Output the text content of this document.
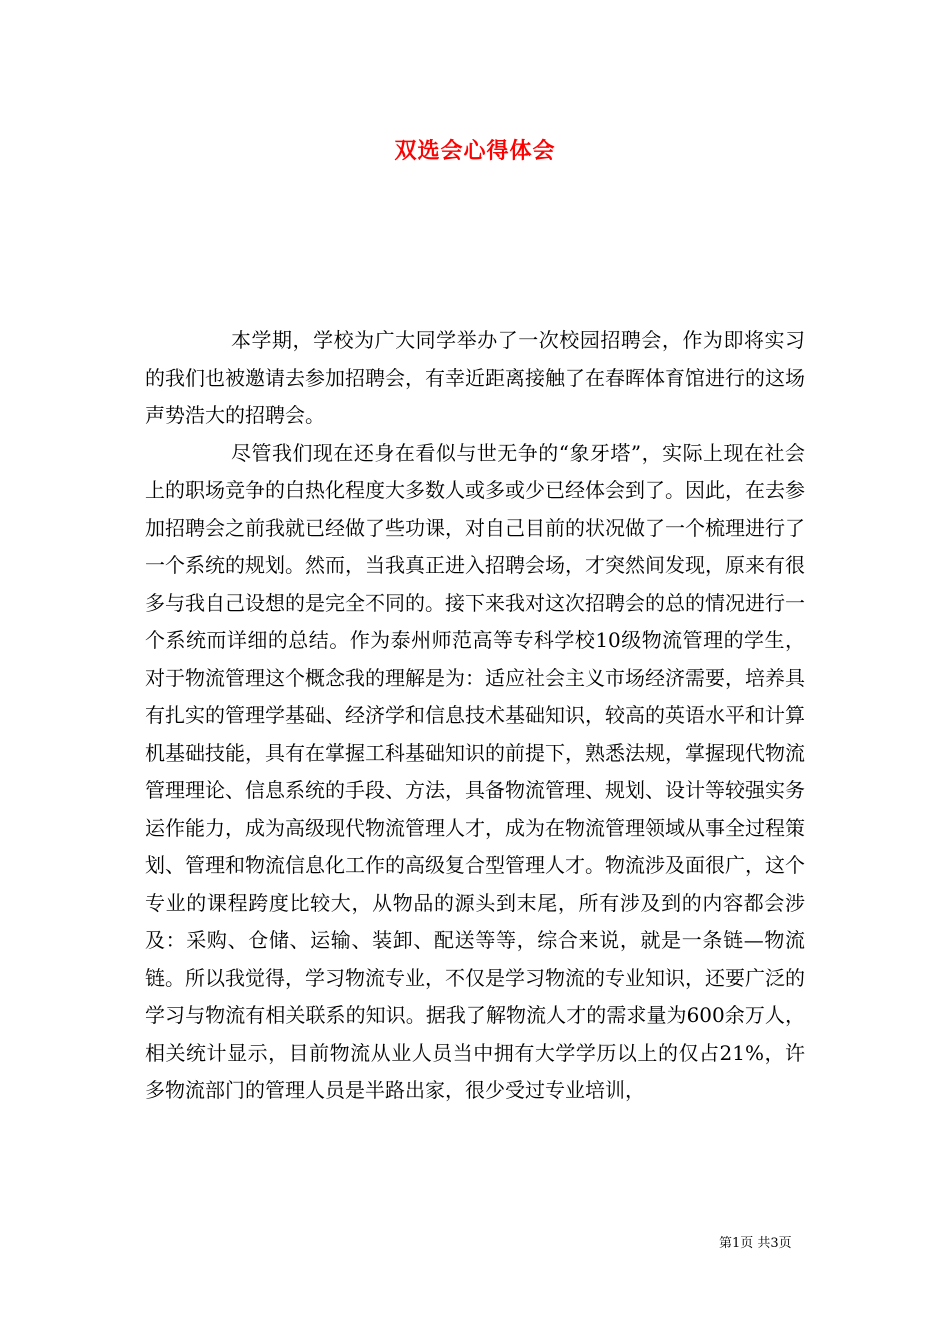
双选会心得体会

本学期，学校为广大同学举办了一次校园招聘会，作为即将实习的我们也被邀请去参加招聘会，有幸近距离接触了在春晖体育馆进行的这场声势浩大的招聘会。

尽管我们现在还身在看似与世无争的“象牙塔”，实际上现在社会上的职场竞争的白热化程度大多数人或多或少已经体会到了。因此，在去参加招聘会之前我就已经做了些功课，对自己目前的状况做了一个梳理进行了一个系统的规划。然而，当我真正进入招聘会场，才突然间发现，原来有很多与我自己设想的是完全不同的。接下来我对这次招聘会的总的情况进行一个系统而详细的总结。作为泰州师范高等专科学校10级物流管理的学生，对于物流管理这个概念我的理解是为：适应社会主义市场经济需要，培养具有扎实的管理学基础、经济学和信息技术基础知识，较高的英语水平和计算机基础技能，具有在掌握工科基础知识的前提下，熟悉法规，掌握现代物流管理理论、信息系统的手段、方法，具备物流管理、规划、设计等较强实务运作能力，成为高级现代物流管理人才，成为在物流管理领域从事全过程策划、管理和物流信息化工作的高级复合型管理人才。物流涉及面很广，这个专业的课程跨度比较大，从物品的源头到末尾，所有涉及到的内容都会涉及：采购、仓储、运输、装卸、配送等等，综合来说，就是一条链—物流链。所以我觉得，学习物流专业，不仅是学习物流的专业知识，还要广泛的学习与物流有相关联系的知识。据我了解物流人才的需求量为600余万人，相关统计显示，目前物流从业人员当中拥有大学学历以上的仅占21%，许多物流部门的管理人员是半路出家，很少受过专业培训，

第1页 共3页
